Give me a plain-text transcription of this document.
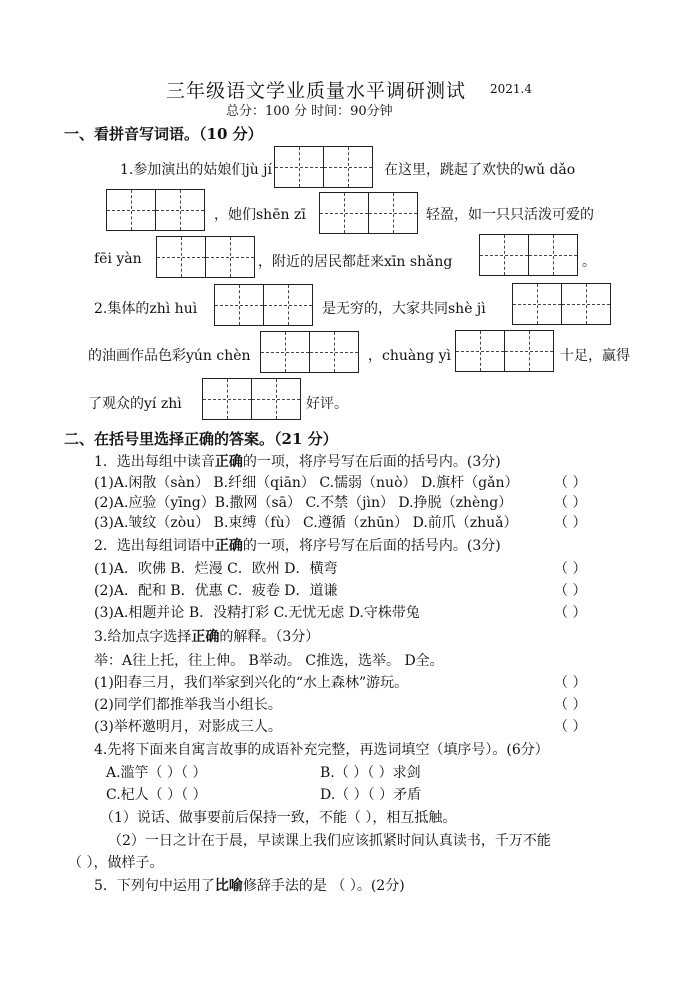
三年级语文学业质量水平调研测试 2021.4
总分：100 分 时间：90分钟
一、看拼音写词语。（10 分）
1.参加演出的姑娘们jù jí	在这里，跳起了欢快的wǔ dǎo
，她们shēn zī	轻盈，如一只只活泼可爱的
fēi yàn	，附近的居民都赶来xīn shǎng	。
2.集体的zhì huì	是无穷的，大家共同shè jì
的油画作品色彩yún chèn	，chuàng yì	十足，赢得
了观众的yí zhì	好评。
二、在括号里选择正确的答案。（21 分）
1．选出每组中读音正确的一项，将序号写在后面的括号内。(3分)
(1)A.闲散（sàn） B.纤细（qiān） C.懦弱（nuò） D.旗杆（gǎn）	（ ）
(2)A.应验（yīng）B.撒网（sā） C.不禁（jìn） D.挣脱（zhèng）	（ ）
(3)A.皱纹（zòu） B.束缚（fù） C.遵循（zhūn） D.前爪（zhuǎ）	（ ）
2．选出每组词语中正确的一项，将序号写在后面的括号内。(3分)
(1)A．吹佛 B．烂漫 C．欧州 D．横弯	（ ）
(2)A．配和 B．优惠 C．疲卷 D．道谦	（ ）
(3)A.相题并论 B．没精打彩 C.无忧无虑 D.守株带兔	（ ）
3.给加点字选择正确的解释。（3分）
举：A往上托，往上伸。 B举动。 C推选，选举。 D全。
(1)阳春三月，我们举家到兴化的“水上森林”游玩。	（ ）
(2)同学们都推举我当小组长。	（ ）
(3)举杯邀明月，对影成三人。	（ ）
4.先将下面来自寓言故事的成语补充完整，再选词填空（填序号）。(6分）
A.滥竽（ ）（ ）	B.（ ）（ ）求剑
C.杞人（ ）（ ）	D.（ ）（ ）矛盾
（1）说话、做事要前后保持一致，不能（ ），相互抵触。
（2）一日之计在于晨，早读课上我们应该抓紧时间认真读书，千万不能
（ ），做样子。
5．下列句中运用了比喻修辞手法的是 （ ）。(2分)
